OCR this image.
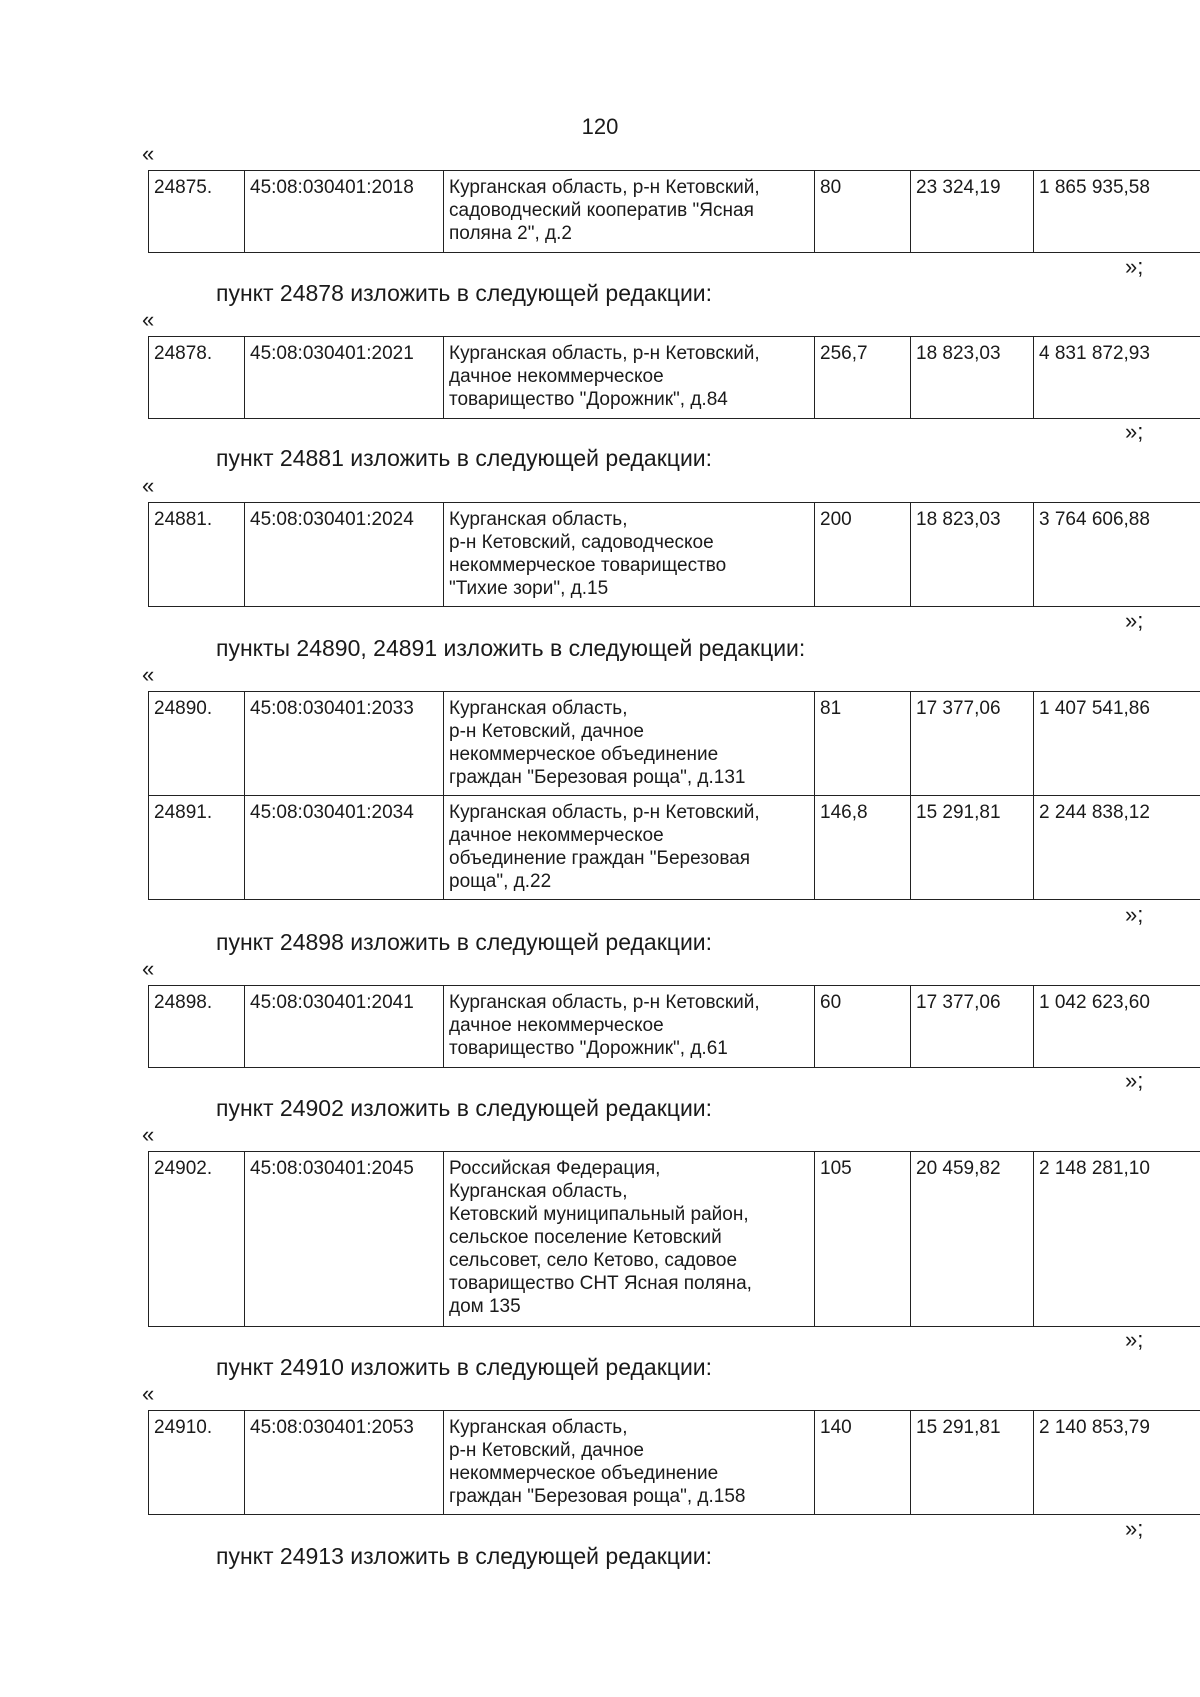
120
«
24875.	45:08:030401:2018	Курганская область, р-н Кетовский,
садоводческий кооператив "Ясная
поляна 2", д.2	80	23 324,19	1 865 935,58
»;
пункт 24878 изложить в следующей редакции:
«
24878.	45:08:030401:2021	Курганская область, р-н Кетовский,
дачное некоммерческое
товарищество "Дорожник", д.84	256,7	18 823,03	4 831 872,93
»;
пункт 24881 изложить в следующей редакции:
«
24881.	45:08:030401:2024	Курганская область,
р-н Кетовский, садоводческое
некоммерческое товарищество
"Тихие зори", д.15	200	18 823,03	3 764 606,88
»;
пункты 24890, 24891 изложить в следующей редакции:
«
24890.	45:08:030401:2033	Курганская область,
р-н Кетовский, дачное
некоммерческое объединение
граждан "Березовая роща", д.131	81	17 377,06	1 407 541,86
24891.	45:08:030401:2034	Курганская область, р-н Кетовский,
дачное некоммерческое
объединение граждан "Березовая
роща", д.22	146,8	15 291,81	2 244 838,12
»;
пункт 24898 изложить в следующей редакции:
«
24898.	45:08:030401:2041	Курганская область, р-н Кетовский,
дачное некоммерческое
товарищество "Дорожник", д.61	60	17 377,06	1 042 623,60
»;
пункт 24902 изложить в следующей редакции:
«
24902.	45:08:030401:2045	Российская Федерация,
Курганская область,
Кетовский муниципальный район,
сельское поселение Кетовский
сельсовет, село Кетово, садовое
товарищество СНТ Ясная поляна,
дом 135	105	20 459,82	2 148 281,10
»;
пункт 24910 изложить в следующей редакции:
«
24910.	45:08:030401:2053	Курганская область,
р-н Кетовский, дачное
некоммерческое объединение
граждан "Березовая роща", д.158	140	15 291,81	2 140 853,79
»;
пункт 24913 изложить в следующей редакции:
